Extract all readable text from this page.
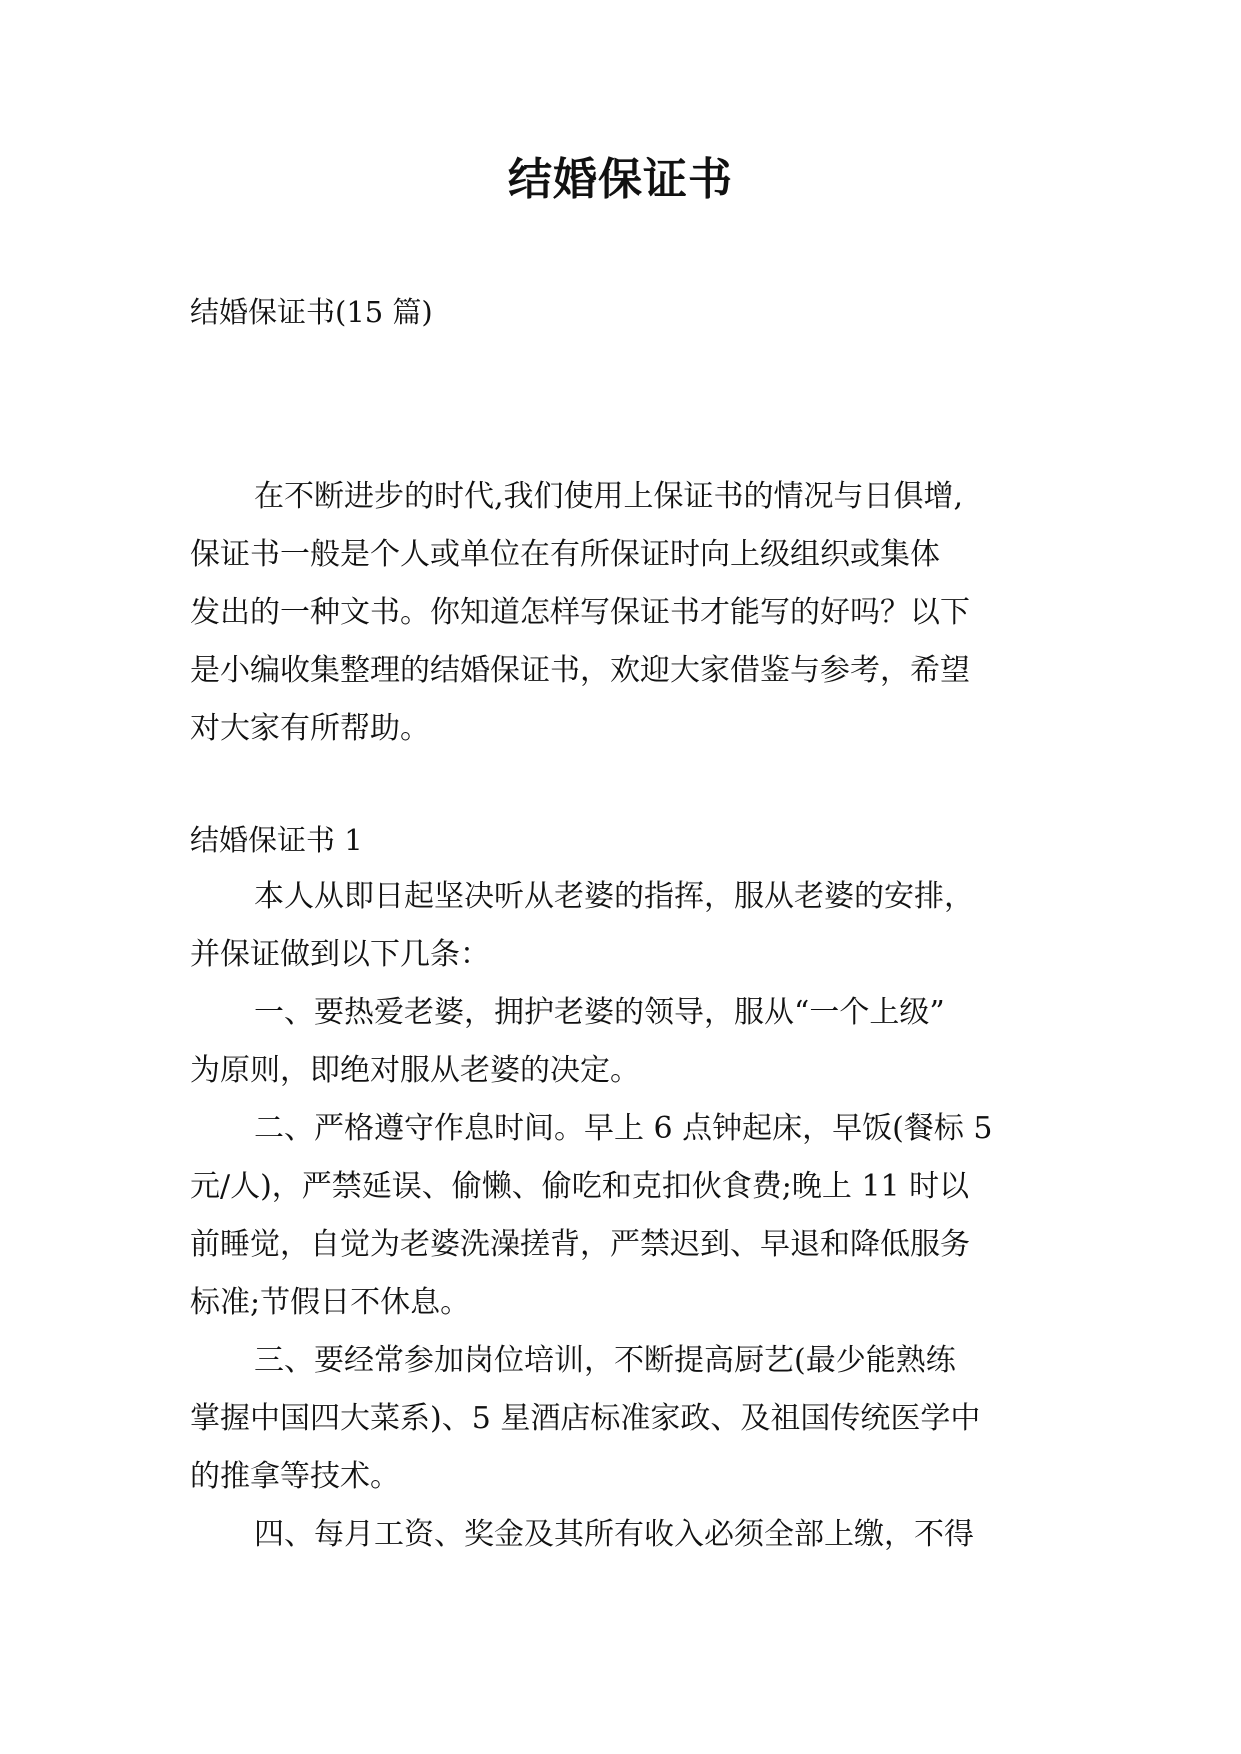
结婚保证书
结婚保证书(15 篇)
在不断进步的时代,我们使用上保证书的情况与日俱增,
保证书一般是个人或单位在有所保证时向上级组织或集体
发出的一种文书。你知道怎样写保证书才能写的好吗？以下
是小编收集整理的结婚保证书，欢迎大家借鉴与参考，希望
对大家有所帮助。
结婚保证书 1
本人从即日起坚决听从老婆的指挥，服从老婆的安排，
并保证做到以下几条：
一、要热爱老婆，拥护老婆的领导，服从“一个上级”
为原则，即绝对服从老婆的决定。
二、严格遵守作息时间。早上 6 点钟起床，早饭(餐标 5
元/人)，严禁延误、偷懒、偷吃和克扣伙食费;晚上 11 时以
前睡觉，自觉为老婆洗澡搓背，严禁迟到、早退和降低服务
标准;节假日不休息。
三、要经常参加岗位培训，不断提高厨艺(最少能熟练
掌握中国四大菜系)、5 星酒店标准家政、及祖国传统医学中
的推拿等技术。
四、每月工资、奖金及其所有收入必须全部上缴，不得
